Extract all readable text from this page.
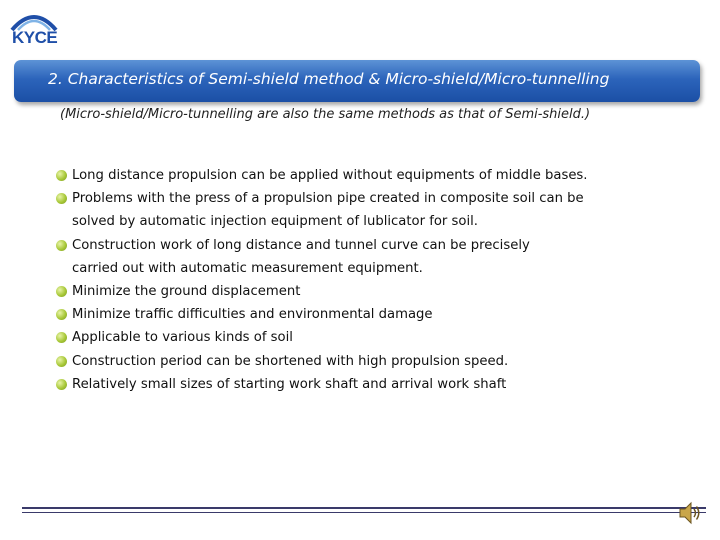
KYCE
2. Characteristics of Semi-shield method & Micro-shield/Micro-tunnelling
(Micro-shield/Micro-tunnelling are also the same methods as that of Semi-shield.)
Long distance propulsion can be applied without equipments of middle bases.
Problems with the press of a propulsion pipe created in composite soil can be
solved by automatic injection equipment of lublicator for soil.
Construction work of long distance and tunnel curve can be precisely
carried out with automatic measurement equipment.
Minimize the ground displacement
Minimize traffic difficulties and environmental damage
Applicable to various kinds of soil
Construction period can be shortened with high propulsion speed.
Relatively small sizes of starting work shaft and arrival work shaft
